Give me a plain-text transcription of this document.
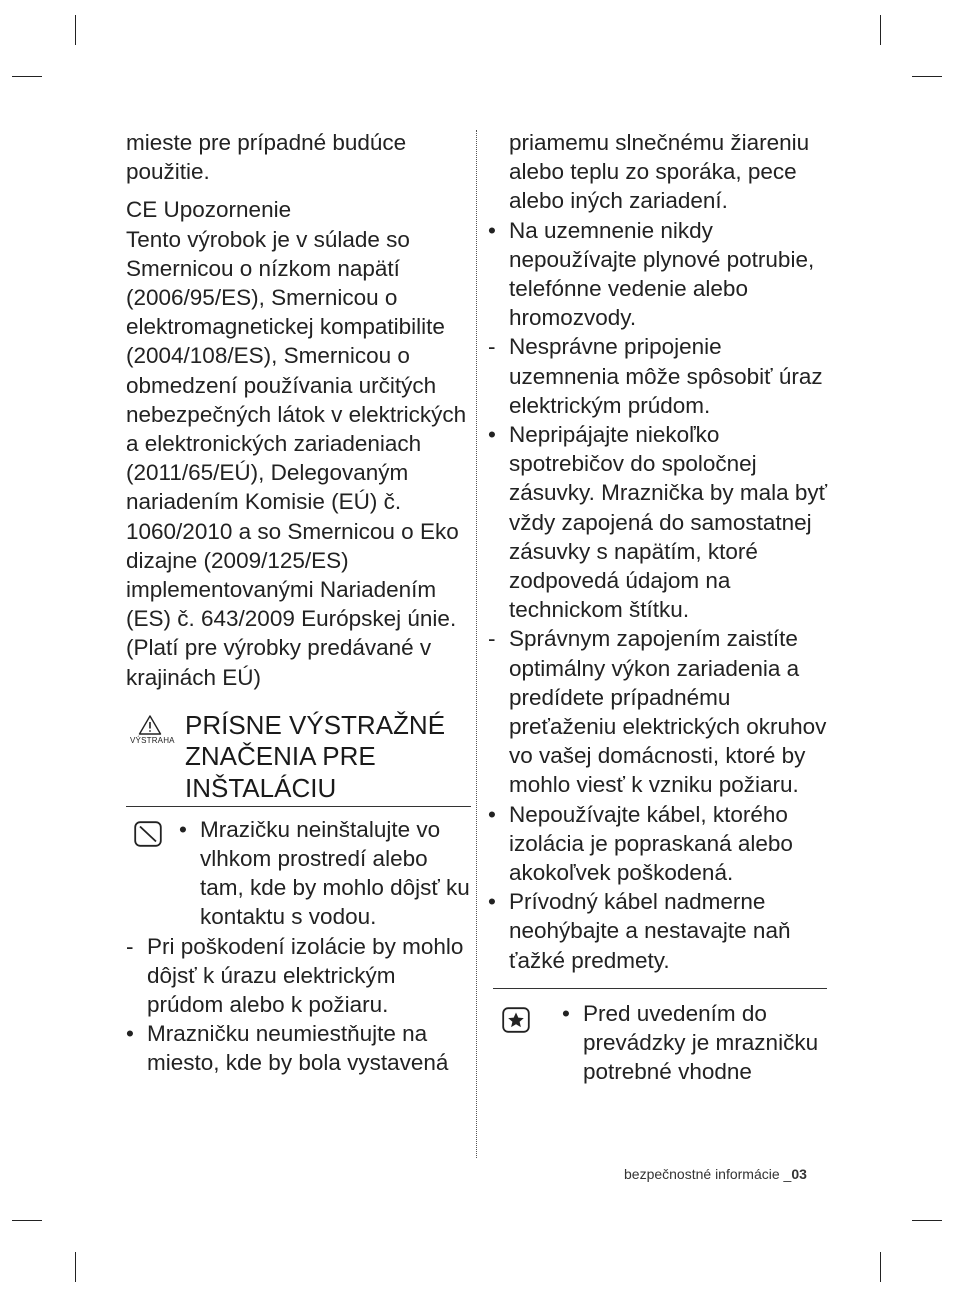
mieste pre prípadné budúce použitie.

CE Upozornenie

Tento výrobok je v súlade so Smernicou o nízkom napätí (2006/95/ES), Smernicou o elektromagnetickej kompatibilite (2004/108/ES), Smernicou o obmedzení používania určitých nebezpečných látok v elektrických a elektronických zariadeniach (2011/65/EÚ), Delegovaným nariadením Komisie (EÚ) č. 1060/2010 a so Smernicou o Eko dizajne (2009/125/ES) implementovanými Nariadením (ES) č. 643/2009 Európskej únie. (Platí pre výrobky predávané v krajinách EÚ)

VÝSTRAHA
PRÍSNE VÝSTRAŽNÉ ZNAČENIA PRE INŠTALÁCIU
• Mrazičku neinštalujte vo vlhkom prostredí alebo tam, kde by mohlo dôjsť ku kontaktu s vodou.
- Pri poškodení izolácie by mohlo dôjsť k úrazu elektrickým prúdom alebo k požiaru.
• Mrazničku neumiestňujte na miesto, kde by bola vystavená

priamemu slnečnému žiareniu alebo teplu zo sporáka, pece alebo iných zariadení.

• Na uzemnenie nikdy nepoužívajte plynové potrubie, telefónne vedenie alebo hromozvody.
- Nesprávne pripojenie uzemnenia môže spôsobiť úraz elektrickým prúdom.
• Nepripájajte niekoľko spotrebičov do spoločnej zásuvky. Mraznička by mala byť vždy zapojená do samostatnej zásuvky s napätím, ktoré zodpovedá údajom na technickom štítku.
- Správnym zapojením zaistíte optimálny výkon zariadenia a predídete prípadnému preťaženiu elektrických okruhov vo vašej domácnosti, ktoré by mohlo viesť k vzniku požiaru.
• Nepoužívajte kábel, ktorého izolácia je popraskaná alebo akokoľvek poškodená.
• Prívodný kábel nadmerne neohýbajte a nestavajte naň ťažké predmety.
• Pred uvedením do prevádzky je mrazničku potrebné vhodne
bezpečnostné informácie _03
